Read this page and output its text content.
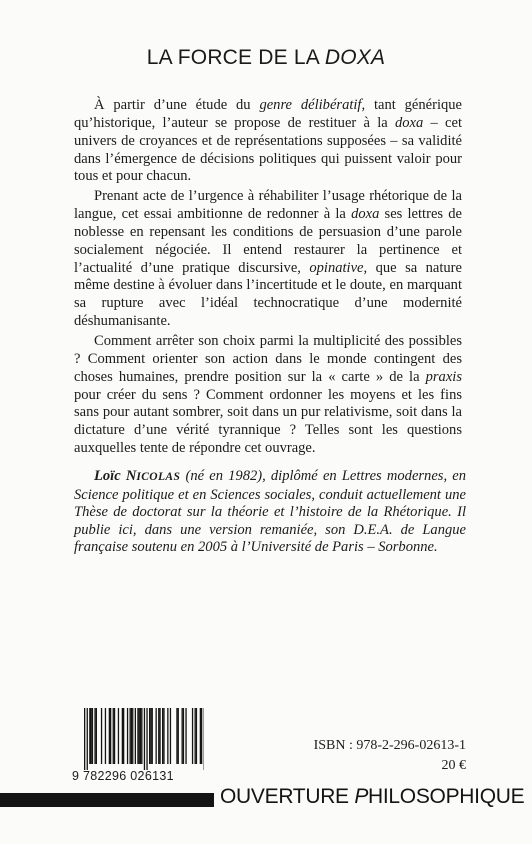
LA FORCE DE LA DOXA

À partir d’une étude du genre délibératif, tant générique qu’historique, l’auteur se propose de restituer à la doxa – cet univers de croyances et de représentations supposées – sa validité dans l’émergence de décisions politiques qui puissent valoir pour tous et pour chacun.

Prenant acte de l’urgence à réhabiliter l’usage rhétorique de la langue, cet essai ambitionne de redonner à la doxa ses lettres de noblesse en repensant les conditions de persuasion d’une parole socialement négociée. Il entend restaurer la pertinence et l’actualité d’une pratique discursive, opinative, que sa nature même destine à évoluer dans l’incertitude et le doute, en marquant sa rupture avec l’idéal technocratique d’une modernité déshumanisante.

Comment arrêter son choix parmi la multiplicité des possibles ? Comment orienter son action dans le monde contingent des choses humaines, prendre position sur la « carte » de la praxis pour créer du sens ? Comment ordonner les moyens et les fins sans pour autant sombrer, soit dans un pur relativisme, soit dans la dictature d’une vérité tyrannique ? Telles sont les questions auxquelles tente de répondre cet ouvrage.

Loïc NICOLAS (né en 1982), diplômé en Lettres modernes, en Science politique et en Sciences sociales, conduit actuellement une Thèse de doctorat sur la théorie et l’histoire de la Rhétorique. Il publie ici, dans une version remaniée, son D.E.A. de Langue française soutenu en 2005 à l’Université de Paris – Sorbonne.

9 782296 026131
ISBN : 978-2-296-02613-1
20 €
OUVERTURE PHILOSOPHIQUE
